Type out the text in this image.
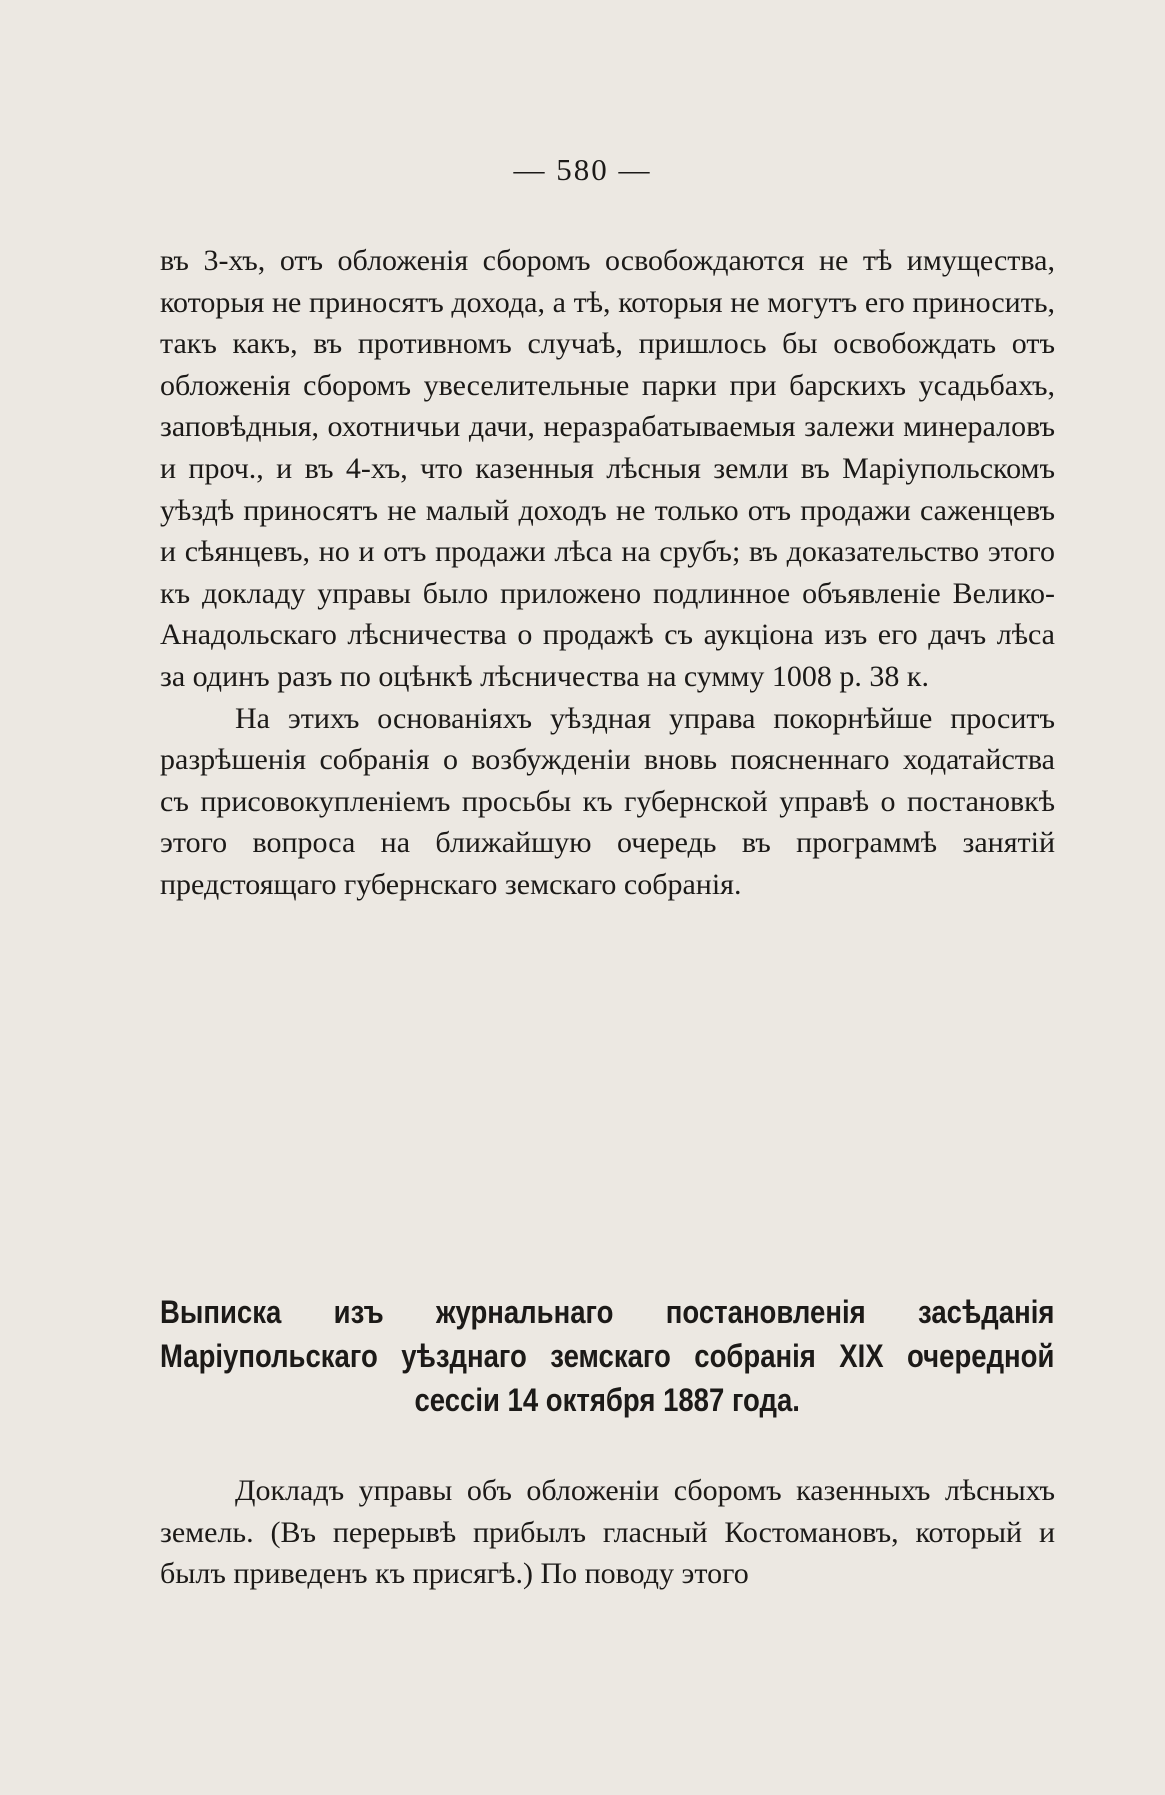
— 580 —

въ 3-хъ, отъ обложенія сборомъ освобождаются не тѣ имущества, которыя не приносятъ дохода, а тѣ, которыя не могутъ его приносить, такъ какъ, въ противномъ случаѣ, пришлось бы освобождать отъ обложенія сборомъ увеселительные парки при барскихъ усадьбахъ, заповѣдныя, охотничьи дачи, неразрабатываемыя залежи минераловъ и проч., и въ 4-хъ, что казенныя лѣсныя земли въ Маріупольскомъ уѣздѣ приносятъ не малый доходъ не только отъ продажи саженцевъ и сѣянцевъ, но и отъ продажи лѣса на срубъ; въ доказательство этого къ докладу управы было приложено подлинное объявленіе Велико-Анадольскаго лѣсничества о продажѣ съ аукціона изъ его дачъ лѣса за одинъ разъ по оцѣнкѣ лѣсничества на сумму 1008 р. 38 к.

На этихъ основаніяхъ уѣздная управа покорнѣйше проситъ разрѣшенія собранія о возбужденіи вновь поясненнаго ходатайства съ присовокупленіемъ просьбы къ губернской управѣ о постановкѣ этого вопроса на ближайшую очередь въ программѣ занятій предстоящаго губернскаго земскаго собранія.

Выписка изъ журнальнаго постановленія засѣданія Маріупольскаго уѣзднаго земскаго собранія XIX очередной сессіи 14 октября 1887 года.

Докладъ управы объ обложеніи сборомъ казенныхъ лѣсныхъ земель. (Въ перерывѣ прибылъ гласный Костомановъ, который и былъ приведенъ къ присягѣ.) По поводу этого
